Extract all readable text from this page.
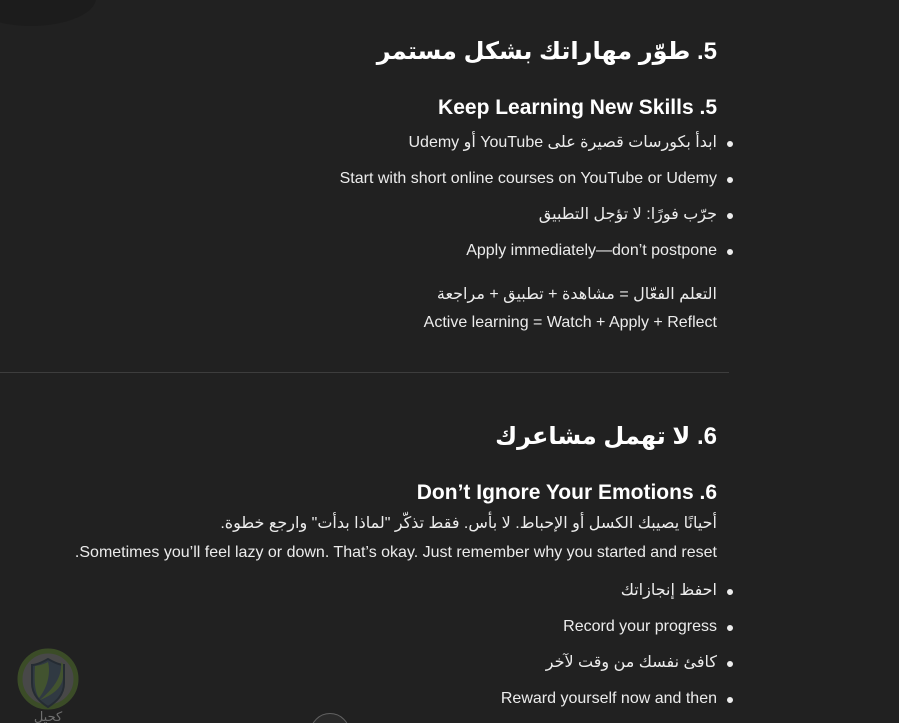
5. طوّر مهاراتك بشكل مستمر
5. Keep Learning New Skills

ابدأ بكورسات قصيرة على YouTube أو Udemy

Start with short online courses on YouTube or Udemy

جرّب فورًا: لا تؤجل التطبيق

Apply immediately—don’t postpone

التعلم الفعّال = مشاهدة + تطبيق + مراجعة

Active learning = Watch + Apply + Reflect

6. لا تهمل مشاعرك
6. Don’t Ignore Your Emotions

أحيانًا يصيبك الكسل أو الإحباط. لا بأس. فقط تذكّر "لماذا بدأت" وارجع خطوة.

Sometimes you’ll feel lazy or down. That’s okay. Just remember why you started and reset.

احفظ إنجازاتك

Record your progress

كافئ نفسك من وقت لآخر

Reward yourself now and then

كحيل
